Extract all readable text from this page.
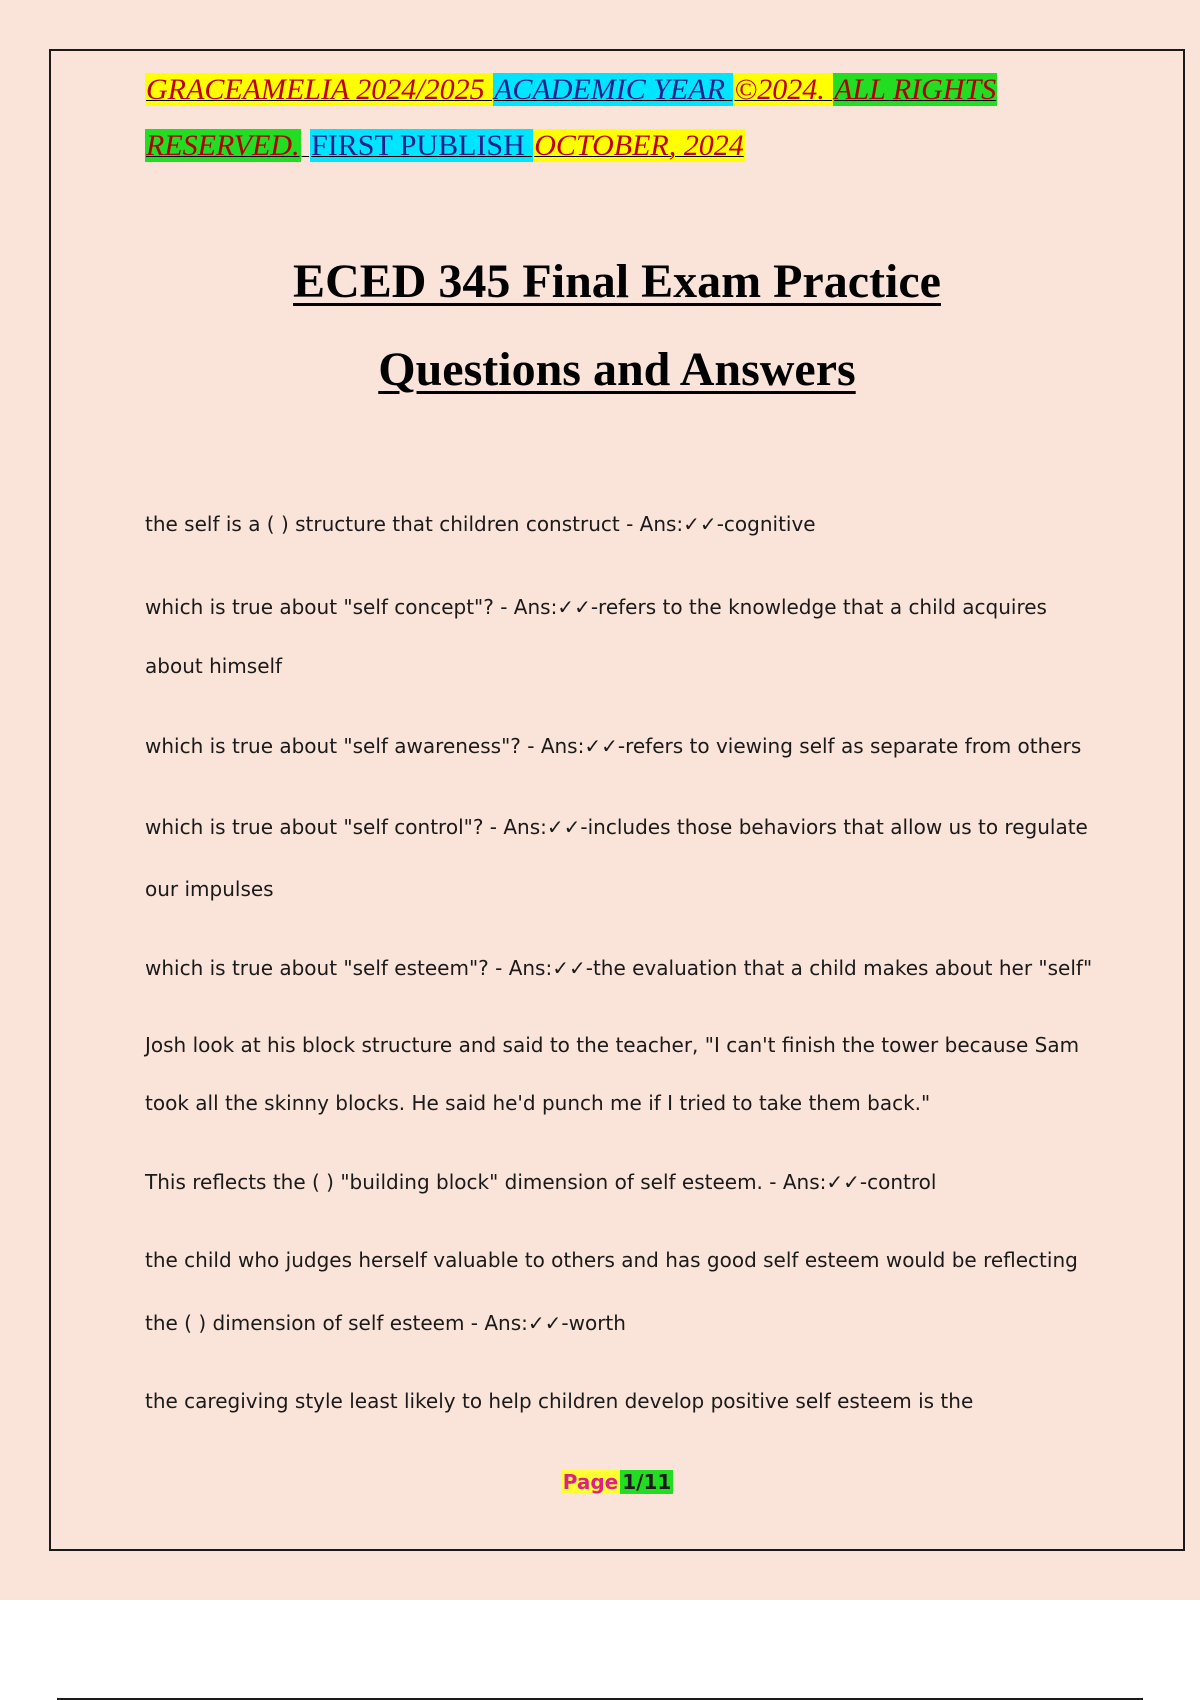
GRACEAMELIA 2024/2025 ACADEMIC YEAR ©2024. ALL RIGHTS
RESERVED. FIRST PUBLISH OCTOBER, 2024
ECED 345 Final Exam Practice
Questions and Answers
the self is a ( ) structure that children construct - Ans:✓✓-cognitive
which is true about "self concept"? - Ans:✓✓-refers to the knowledge that a child acquires
about himself
which is true about "self awareness"? - Ans:✓✓-refers to viewing self as separate from others
which is true about "self control"? - Ans:✓✓-includes those behaviors that allow us to regulate
our impulses
which is true about "self esteem"? - Ans:✓✓-the evaluation that a child makes about her "self"
Josh look at his block structure and said to the teacher, "I can't finish the tower because Sam
took all the skinny blocks. He said he'd punch me if I tried to take them back."
This reflects the ( ) "building block" dimension of self esteem. - Ans:✓✓-control
the child who judges herself valuable to others and has good self esteem would be reflecting
the ( ) dimension of self esteem - Ans:✓✓-worth
the caregiving style least likely to help children develop positive self esteem is the
Page 1/11
